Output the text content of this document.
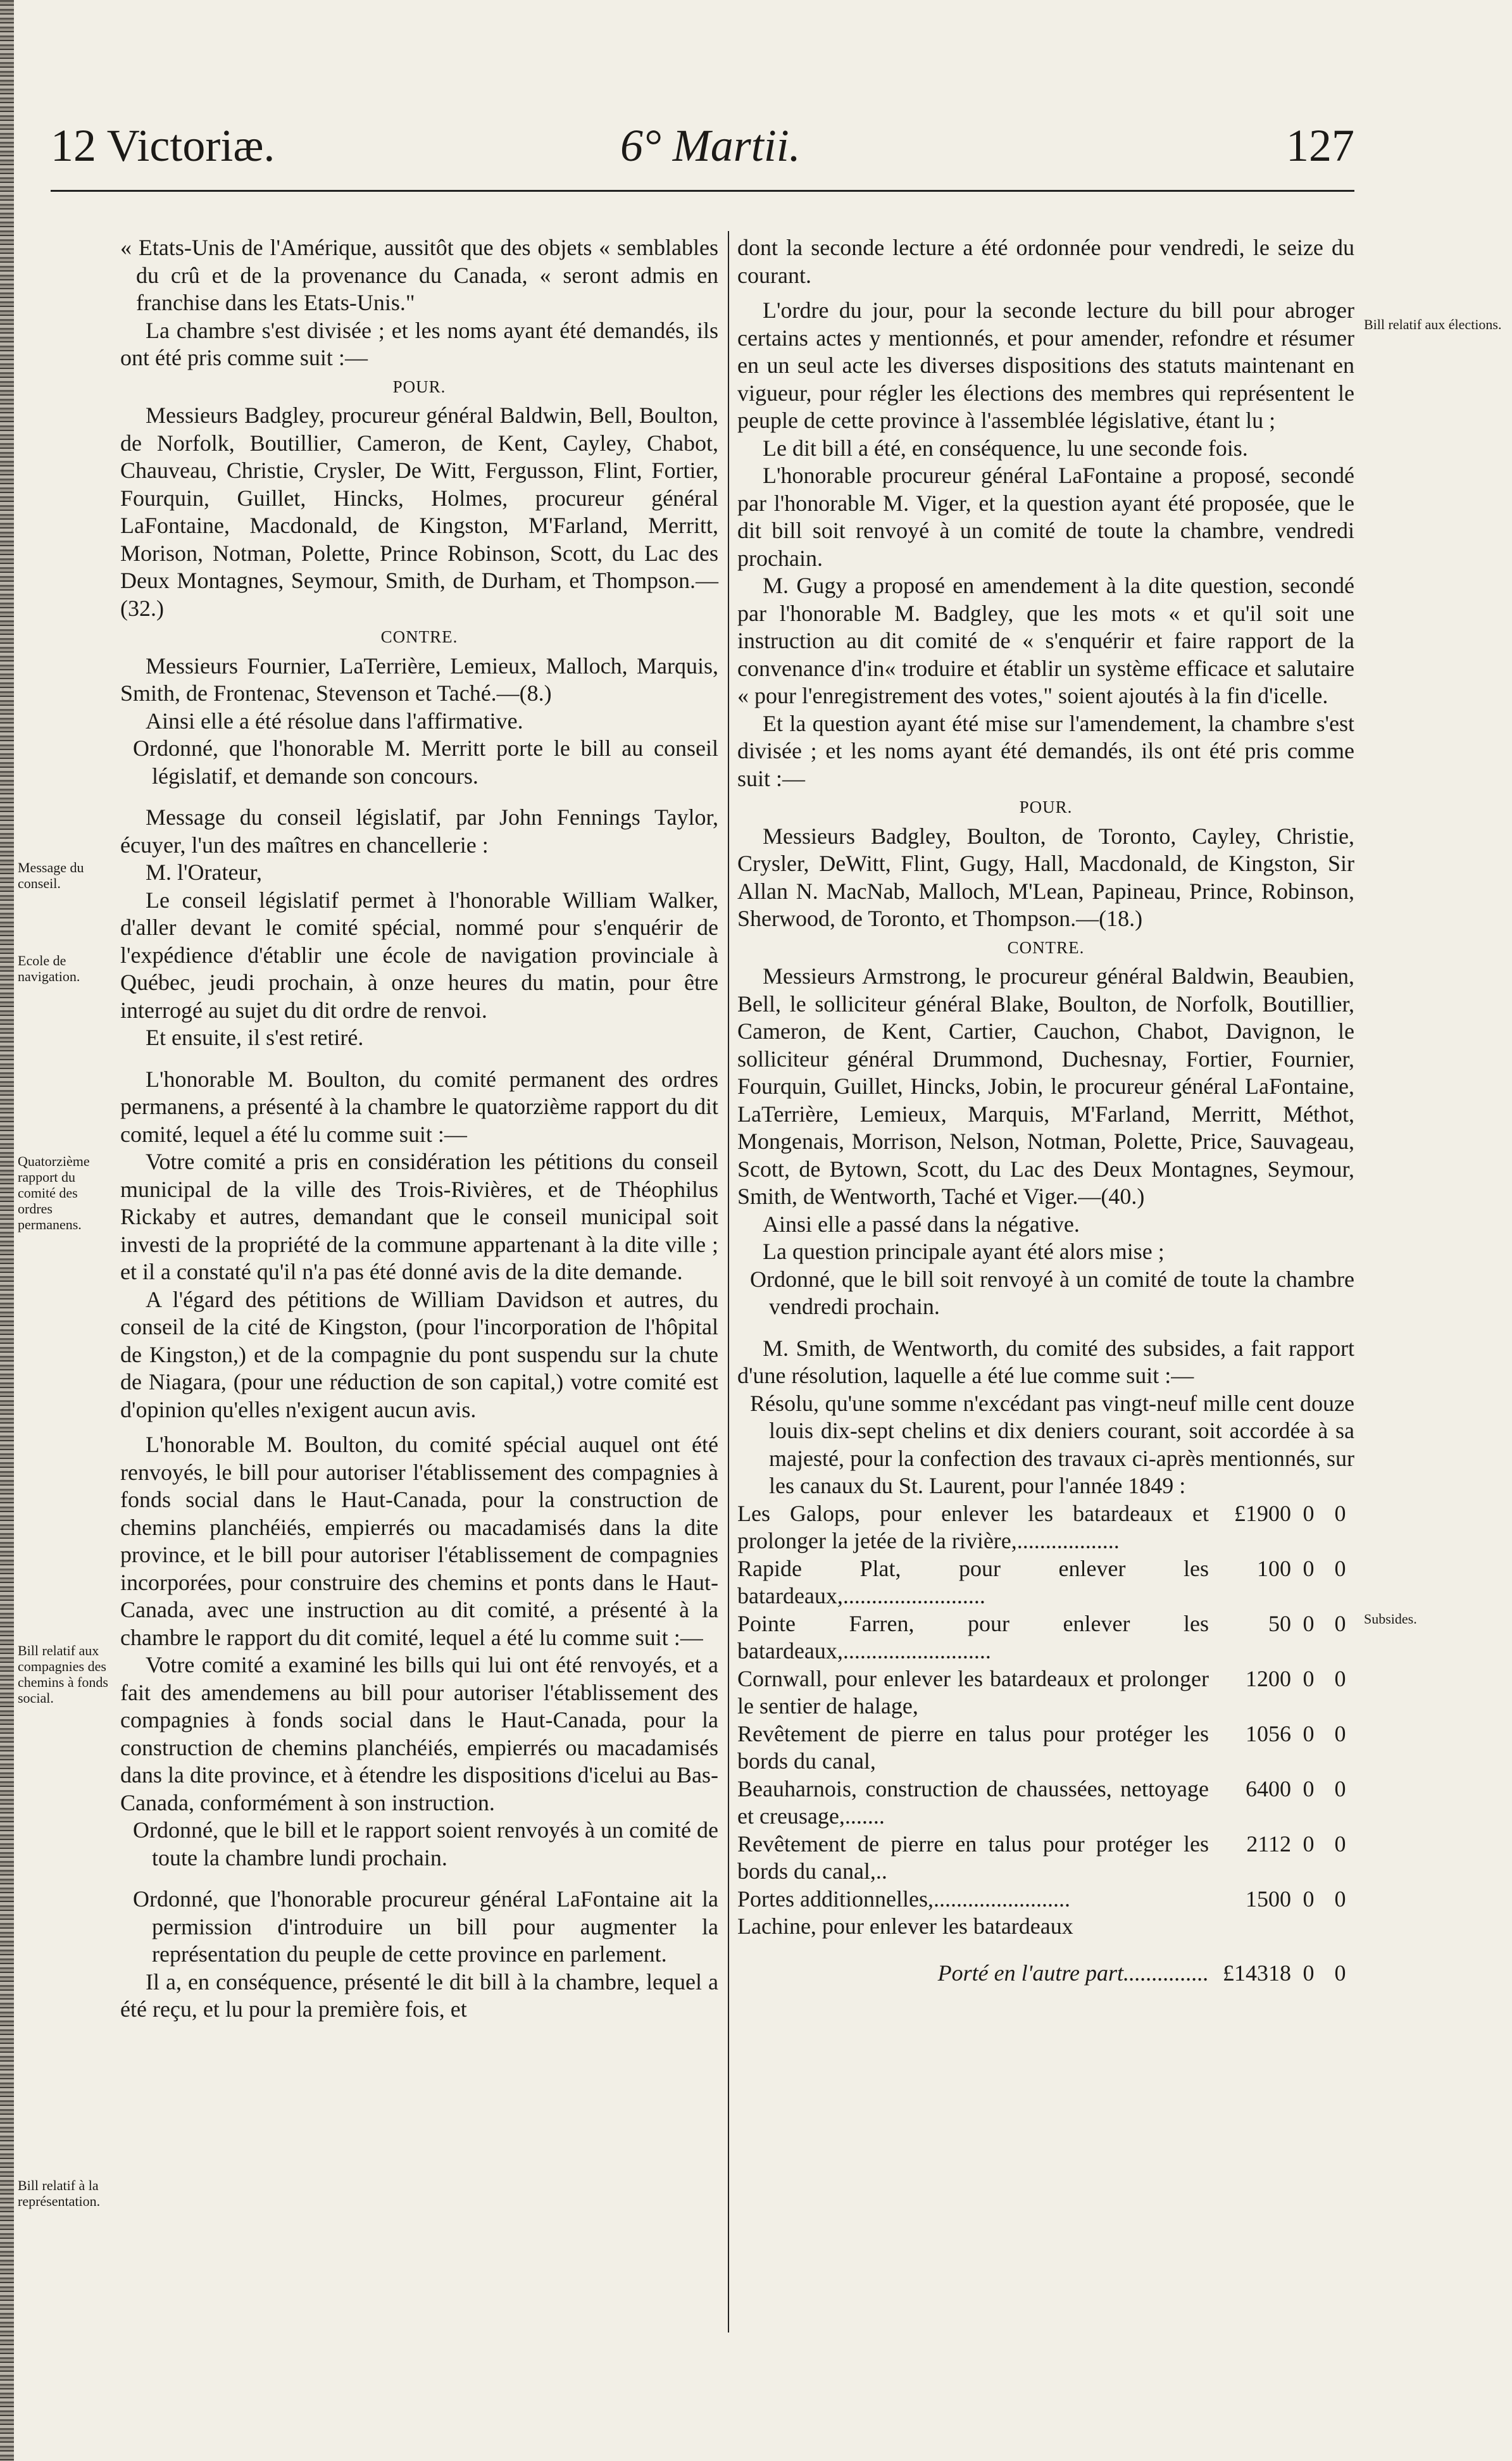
12 Victoriæ.	6° Martii.	127

« Etats-Unis de l'Amérique, aussitôt que des objets « semblables du crû et de la provenance du Canada, « seront admis en franchise dans les Etats-Unis."

La chambre s'est divisée ; et les noms ayant été demandés, ils ont été pris comme suit :—

POUR.

Messieurs Badgley, procureur général Baldwin, Bell, Boulton, de Norfolk, Boutillier, Cameron, de Kent, Cayley, Chabot, Chauveau, Christie, Crysler, De Witt, Fergusson, Flint, Fortier, Fourquin, Guillet, Hincks, Holmes, procureur général LaFontaine, Macdonald, de Kingston, M'Farland, Merritt, Morison, Notman, Polette, Prince Robinson, Scott, du Lac des Deux Montagnes, Seymour, Smith, de Durham, et Thompson.—(32.)

CONTRE.

Messieurs Fournier, LaTerrière, Lemieux, Malloch, Marquis, Smith, de Frontenac, Stevenson et Taché.—(8.)

Ainsi elle a été résolue dans l'affirmative.

Ordonné, que l'honorable M. Merritt porte le bill au conseil législatif, et demande son concours.

Message du conseil législatif, par John Fennings Taylor, écuyer, l'un des maîtres en chancellerie :

M. l'Orateur,

Le conseil législatif permet à l'honorable William Walker, d'aller devant le comité spécial, nommé pour s'enquérir de l'expédience d'établir une école de navigation provinciale à Québec, jeudi prochain, à onze heures du matin, pour être interrogé au sujet du dit ordre de renvoi.

Et ensuite, il s'est retiré.

L'honorable M. Boulton, du comité permanent des ordres permanens, a présenté à la chambre le quatorzième rapport du dit comité, lequel a été lu comme suit :—

Votre comité a pris en considération les pétitions du conseil municipal de la ville des Trois-Rivières, et de Théophilus Rickaby et autres, demandant que le conseil municipal soit investi de la propriété de la commune appartenant à la dite ville ; et il a constaté qu'il n'a pas été donné avis de la dite demande.

A l'égard des pétitions de William Davidson et autres, du conseil de la cité de Kingston, (pour l'incorporation de l'hôpital de Kingston,) et de la compagnie du pont suspendu sur la chute de Niagara, (pour une réduction de son capital,) votre comité est d'opinion qu'elles n'exigent aucun avis.

L'honorable M. Boulton, du comité spécial auquel ont été renvoyés, le bill pour autoriser l'établissement des compagnies à fonds social dans le Haut-Canada, pour la construction de chemins planchéiés, empierrés ou macadamisés dans la dite province, et le bill pour autoriser l'établissement de compagnies incorporées, pour construire des chemins et ponts dans le Haut-Canada, avec une instruction au dit comité, a présenté à la chambre le rapport du dit comité, lequel a été lu comme suit :—

Votre comité a examiné les bills qui lui ont été renvoyés, et a fait des amendemens au bill pour autoriser l'établissement des compagnies à fonds social dans le Haut-Canada, pour la construction de chemins planchéiés, empierrés ou macadamisés dans la dite province, et à étendre les dispositions d'icelui au Bas-Canada, conformément à son instruction.

Ordonné, que le bill et le rapport soient renvoyés à un comité de toute la chambre lundi prochain.

Ordonné, que l'honorable procureur général LaFontaine ait la permission d'introduire un bill pour augmenter la représentation du peuple de cette province en parlement.

Il a, en conséquence, présenté le dit bill à la chambre, lequel a été reçu, et lu pour la première fois, et

dont la seconde lecture a été ordonnée pour vendredi, le seize du courant.

L'ordre du jour, pour la seconde lecture du bill pour abroger certains actes y mentionnés, et pour amender, refondre et résumer en un seul acte les diverses dispositions des statuts maintenant en vigueur, pour régler les élections des membres qui représentent le peuple de cette province à l'assemblée législative, étant lu ;

Le dit bill a été, en conséquence, lu une seconde fois.

L'honorable procureur général LaFontaine a proposé, secondé par l'honorable M. Viger, et la question ayant été proposée, que le dit bill soit renvoyé à un comité de toute la chambre, vendredi prochain.

M. Gugy a proposé en amendement à la dite question, secondé par l'honorable M. Badgley, que les mots « et qu'il soit une instruction au dit comité de « s'enquérir et faire rapport de la convenance d'in« troduire et établir un système efficace et salutaire « pour l'enregistrement des votes," soient ajoutés à la fin d'icelle.

Et la question ayant été mise sur l'amendement, la chambre s'est divisée ; et les noms ayant été demandés, ils ont été pris comme suit :—

POUR.

Messieurs Badgley, Boulton, de Toronto, Cayley, Christie, Crysler, DeWitt, Flint, Gugy, Hall, Macdonald, de Kingston, Sir Allan N. MacNab, Malloch, M'Lean, Papineau, Prince, Robinson, Sherwood, de Toronto, et Thompson.—(18.)

CONTRE.

Messieurs Armstrong, le procureur général Baldwin, Beaubien, Bell, le solliciteur général Blake, Boulton, de Norfolk, Boutillier, Cameron, de Kent, Cartier, Cauchon, Chabot, Davignon, le solliciteur général Drummond, Duchesnay, Fortier, Fournier, Fourquin, Guillet, Hincks, Jobin, le procureur général LaFontaine, LaTerrière, Lemieux, Marquis, M'Farland, Merritt, Méthot, Mongenais, Morrison, Nelson, Notman, Polette, Price, Sauvageau, Scott, de Bytown, Scott, du Lac des Deux Montagnes, Seymour, Smith, de Wentworth, Taché et Viger.—(40.)

Ainsi elle a passé dans la négative.

La question principale ayant été alors mise ;

Ordonné, que le bill soit renvoyé à un comité de toute la chambre vendredi prochain.

M. Smith, de Wentworth, du comité des subsides, a fait rapport d'une résolution, laquelle a été lue comme suit :—

Résolu, qu'une somme n'excédant pas vingt-neuf mille cent douze louis dix-sept chelins et dix deniers courant, soit accordée à sa majesté, pour la confection des travaux ci-après mentionnés, sur les canaux du St. Laurent, pour l'année 1849 :

Les Galops, pour enlever les batardeaux et prolonger la jetée de la rivière,..................	£1900	0	0
Rapide Plat, pour enlever les batardeaux,.........................	100	0	0
Pointe Farren, pour enlever les batardeaux,..........................	50	0	0
Cornwall, pour enlever les batardeaux et prolonger le sentier de halage,	1200	0	0
Revêtement de pierre en talus pour protéger les bords du canal,	1056	0	0
Beauharnois, construction de chaussées, nettoyage et creusage,.......	6400	0	0
Revêtement de pierre en talus pour protéger les bords du canal,..	2112	0	0
Portes additionnelles,........................	1500	0	0
Lachine, pour enlever les batardeaux			
Porté en l'autre part...............	£14318	0	0
Message du conseil.
Ecole de navigation.
Quatorzième rapport du comité des ordres permanens.
Bill relatif aux compagnies des chemins à fonds social.
Bill relatif à la représentation.
Bill relatif aux élections.
Subsides.
